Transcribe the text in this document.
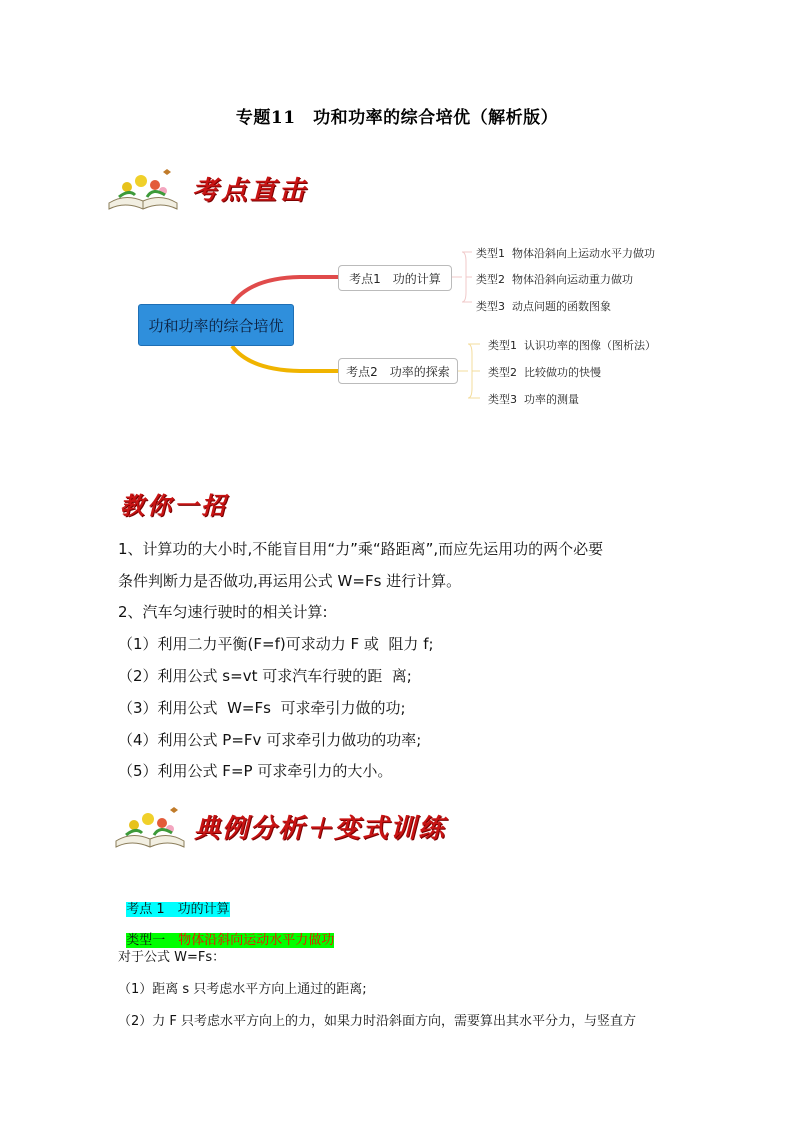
专题11　功和功率的综合培优（解析版）
考点直击
功和功率的综合培优
考点1　功的计算
考点2　功率的探索
类型1  物体沿斜向上运动水平力做功
类型2  物体沿斜向运动重力做功
类型3  动点问题的函数图象
类型1  认识功率的图像（图析法）
类型2  比较做功的快慢
类型3  功率的测量
教你一招
1、计算功的大小时,不能盲目用“力”乘“路距离”,而应先运用功的两个必要
条件判断力是否做功,再运用公式 W=Fs 进行计算。
2、汽车匀速行驶时的相关计算:
（1）利用二力平衡(F=f)可求动力 F 或  阻力 f;
（2）利用公式 s=vt 可求汽车行驶的距  离;
（3）利用公式  W=Fs  可求牵引力做的功;
（4）利用公式 P=Fv 可求牵引力做功的功率;
（5）利用公式 F=P 可求牵引力的大小。
典例分析＋变式训练

考点 1　功的计算

类型一　物体沿斜向运动水平力做功

对于公式 W=Fs：
（1）距离 s 只考虑水平方向上通过的距离;
（2）力 F 只考虑水平方向上的力，如果力时沿斜面方向，需要算出其水平分力，与竖直方
